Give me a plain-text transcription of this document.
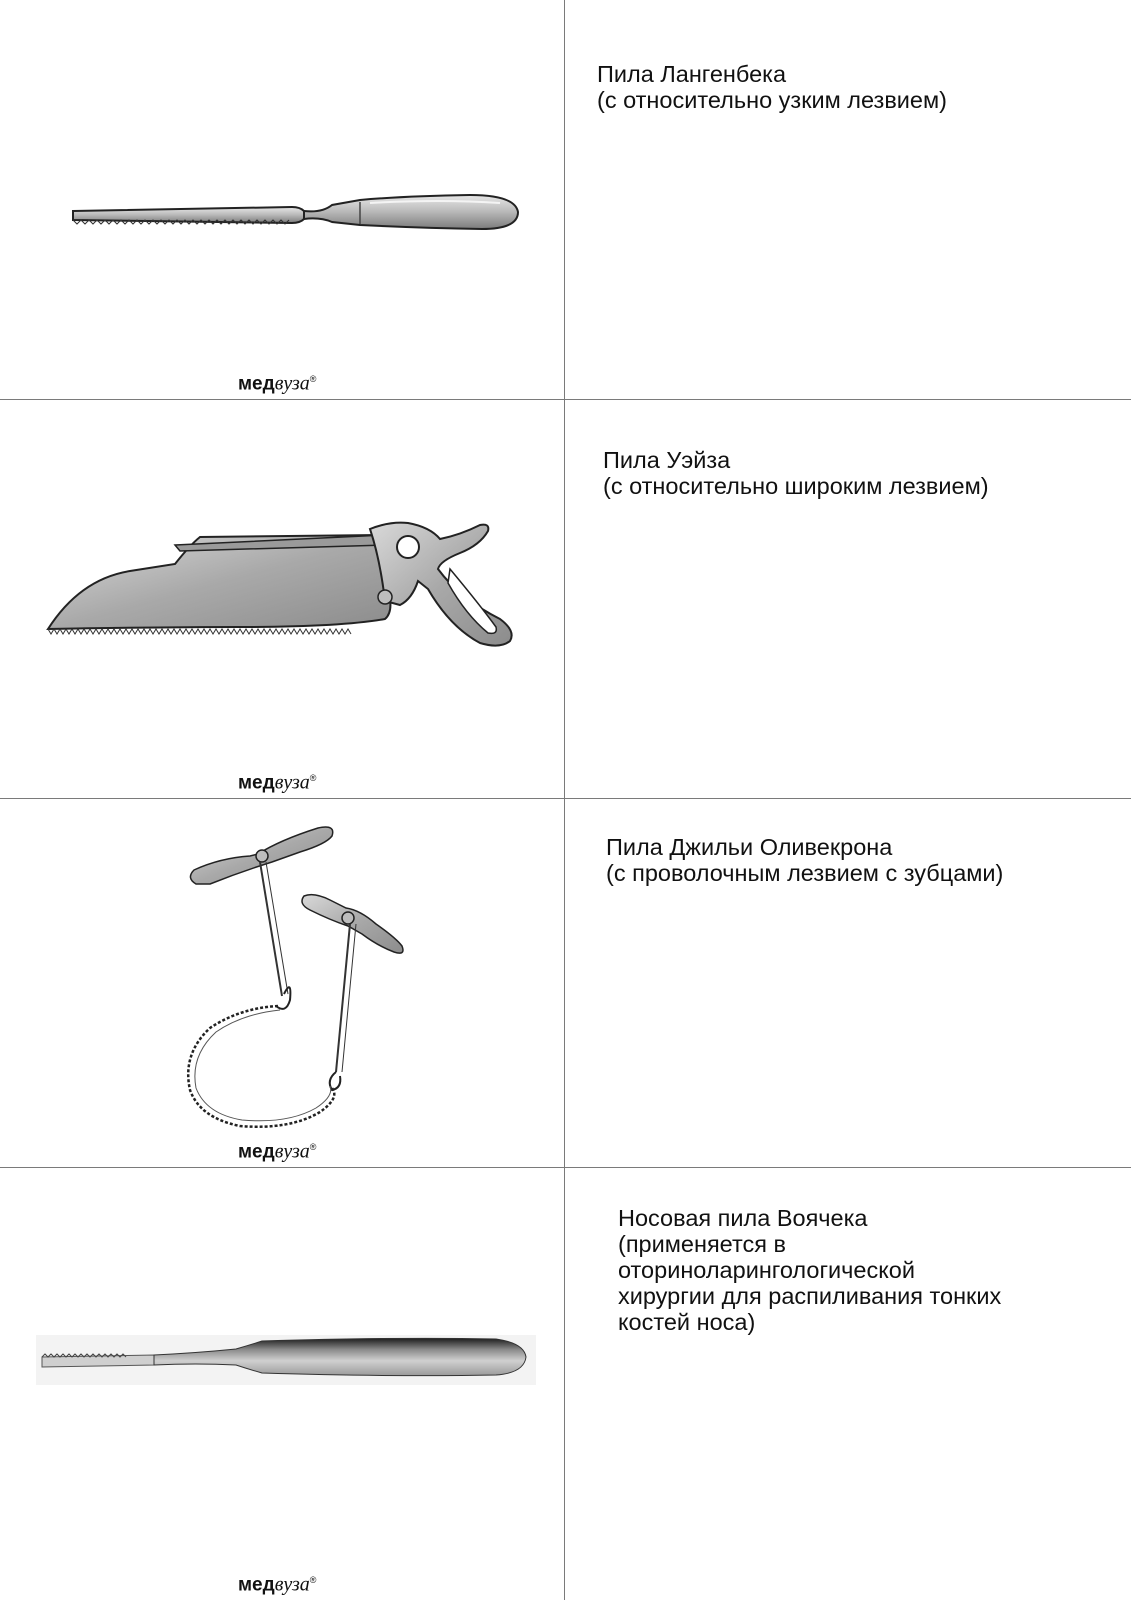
медвуза®
Пила Лангенбека
(с относительно узким лезвием)
медвуза®
Пила Уэйза
(с относительно широким лезвием)
медвуза®
Пила Джильи Оливекрона
(с проволочным лезвием с зубцами)
медвуза®
Носовая пила Воячека
(применяется в
оториноларингологической
хирургии для распиливания тонких
костей носа)
